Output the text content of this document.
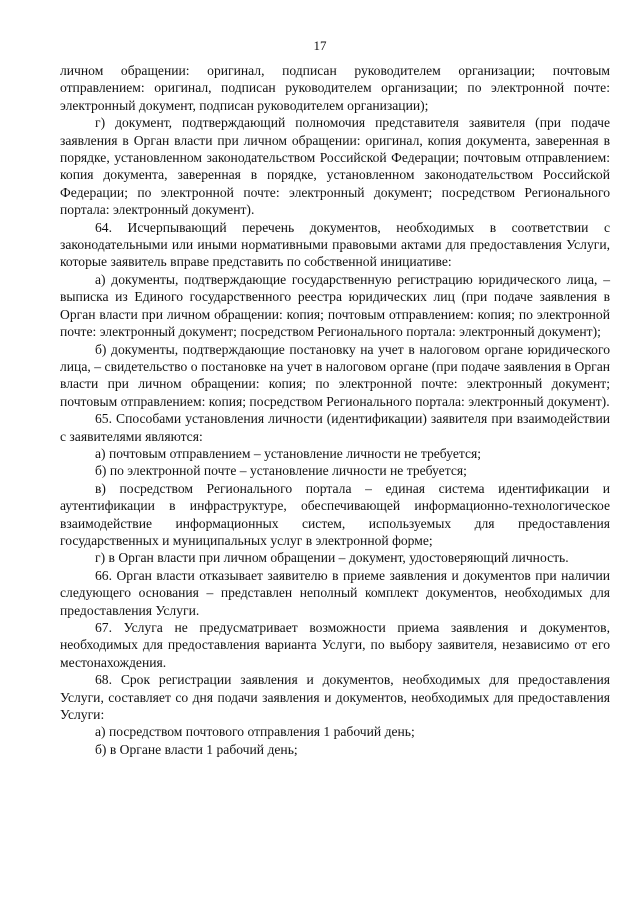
17

личном обращении: оригинал, подписан руководителем организации; почтовым отправлением: оригинал, подписан руководителем организации; по электронной почте: электронный документ, подписан руководителем организации);

г) документ, подтверждающий полномочия представителя заявителя (при подаче заявления в Орган власти при личном обращении: оригинал, копия документа, заверенная в порядке, установленном законодательством Российской Федерации; почтовым отправлением: копия документа, заверенная в порядке, установленном законодательством Российской Федерации; по электронной почте: электронный документ; посредством Регионального портала: электронный документ).

64. Исчерпывающий перечень документов, необходимых в соответствии с законодательными или иными нормативными правовыми актами для предоставления Услуги, которые заявитель вправе представить по собственной инициативе:

а) документы, подтверждающие государственную регистрацию юридического лица, – выписка из Единого государственного реестра юридических лиц (при подаче заявления в Орган власти при личном обращении: копия; почтовым отправлением: копия; по электронной почте: электронный документ; посредством Регионального портала: электронный документ);

б) документы, подтверждающие постановку на учет в налоговом органе юридического лица, – свидетельство о постановке на учет в налоговом органе (при подаче заявления в Орган власти при личном обращении: копия; по электронной почте: электронный документ; почтовым отправлением: копия; посредством Регионального портала: электронный документ).

65. Способами установления личности (идентификации) заявителя при взаимодействии с заявителями являются:

а) почтовым отправлением – установление личности не требуется;

б) по электронной почте – установление личности не требуется;

в) посредством Регионального портала – единая система идентификации и аутентификации в инфраструктуре, обеспечивающей информационно-технологическое взаимодействие информационных систем, используемых для предоставления государственных и муниципальных услуг в электронной форме;

г) в Орган власти при личном обращении – документ, удостоверяющий личность.

66. Орган власти отказывает заявителю в приеме заявления и документов при наличии следующего основания – представлен неполный комплект документов, необходимых для предоставления Услуги.

67. Услуга не предусматривает возможности приема заявления и документов, необходимых для предоставления варианта Услуги, по выбору заявителя, независимо от его местонахождения.

68. Срок регистрации заявления и документов, необходимых для предоставления Услуги, составляет со дня подачи заявления и документов, необходимых для предоставления Услуги:

а) посредством почтового отправления 1 рабочий день;

б) в Органе власти 1 рабочий день;
